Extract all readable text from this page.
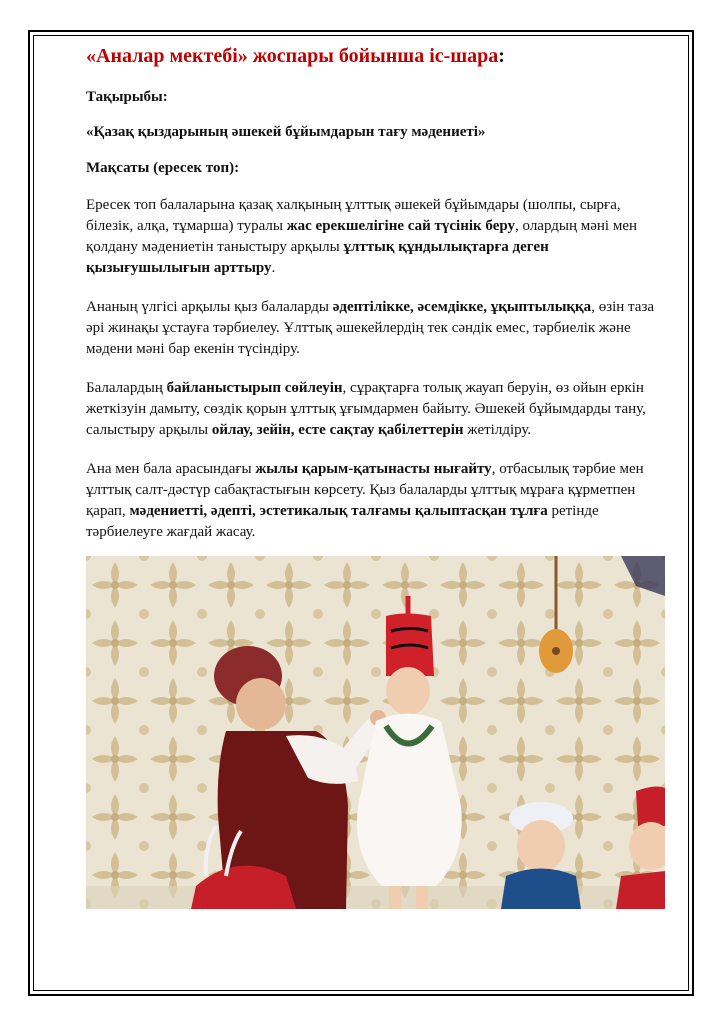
«Аналар мектебі» жоспары бойынша іс-шара:
Тақырыбы:
«Қазақ қыздарының әшекей бұйымдарын тағу мәдениеті»
Мақсаты (ересек топ):
Ересек топ балаларына қазақ халқының ұлттық әшекей бұйымдары (шолпы, сырға, білезік, алқа, тұмарша) туралы жас ерекшелігіне сай түсінік беру, олардың мәні мен қолдану мәдениетін таныстыру арқылы ұлттық құндылықтарға деген қызығушылығын арттыру.
Ананың үлгісі арқылы қыз балаларды әдептілікке, әсемдікке, ұқыптылыққа, өзін таза әрі жинақы ұстауға тәрбиелеу. Ұлттық әшекейлердің тек сәндік емес, тәрбиелік және мәдени мәні бар екенін түсіндіру.
Балалардың байланыстырып сөйлеуін, сұрақтарға толық жауап беруін, өз ойын еркін жеткізуін дамыту, сөздік қорын ұлттық ұғымдармен байыту. Әшекей бұйымдарды тану, салыстыру арқылы ойлау, зейін, есте сақтау қабілеттерін жетілдіру.
Ана мен бала арасындағы жылы қарым-қатынасты нығайту, отбасылық тәрбие мен ұлттық салт-дәстүр сабақтастығын көрсету. Қыз балаларды ұлттық мұраға құрметпен қарап, мәдениетті, әдепті, эстетикалық талғамы қалыптасқан тұлға ретінде тәрбиелеуге жағдай жасау.
